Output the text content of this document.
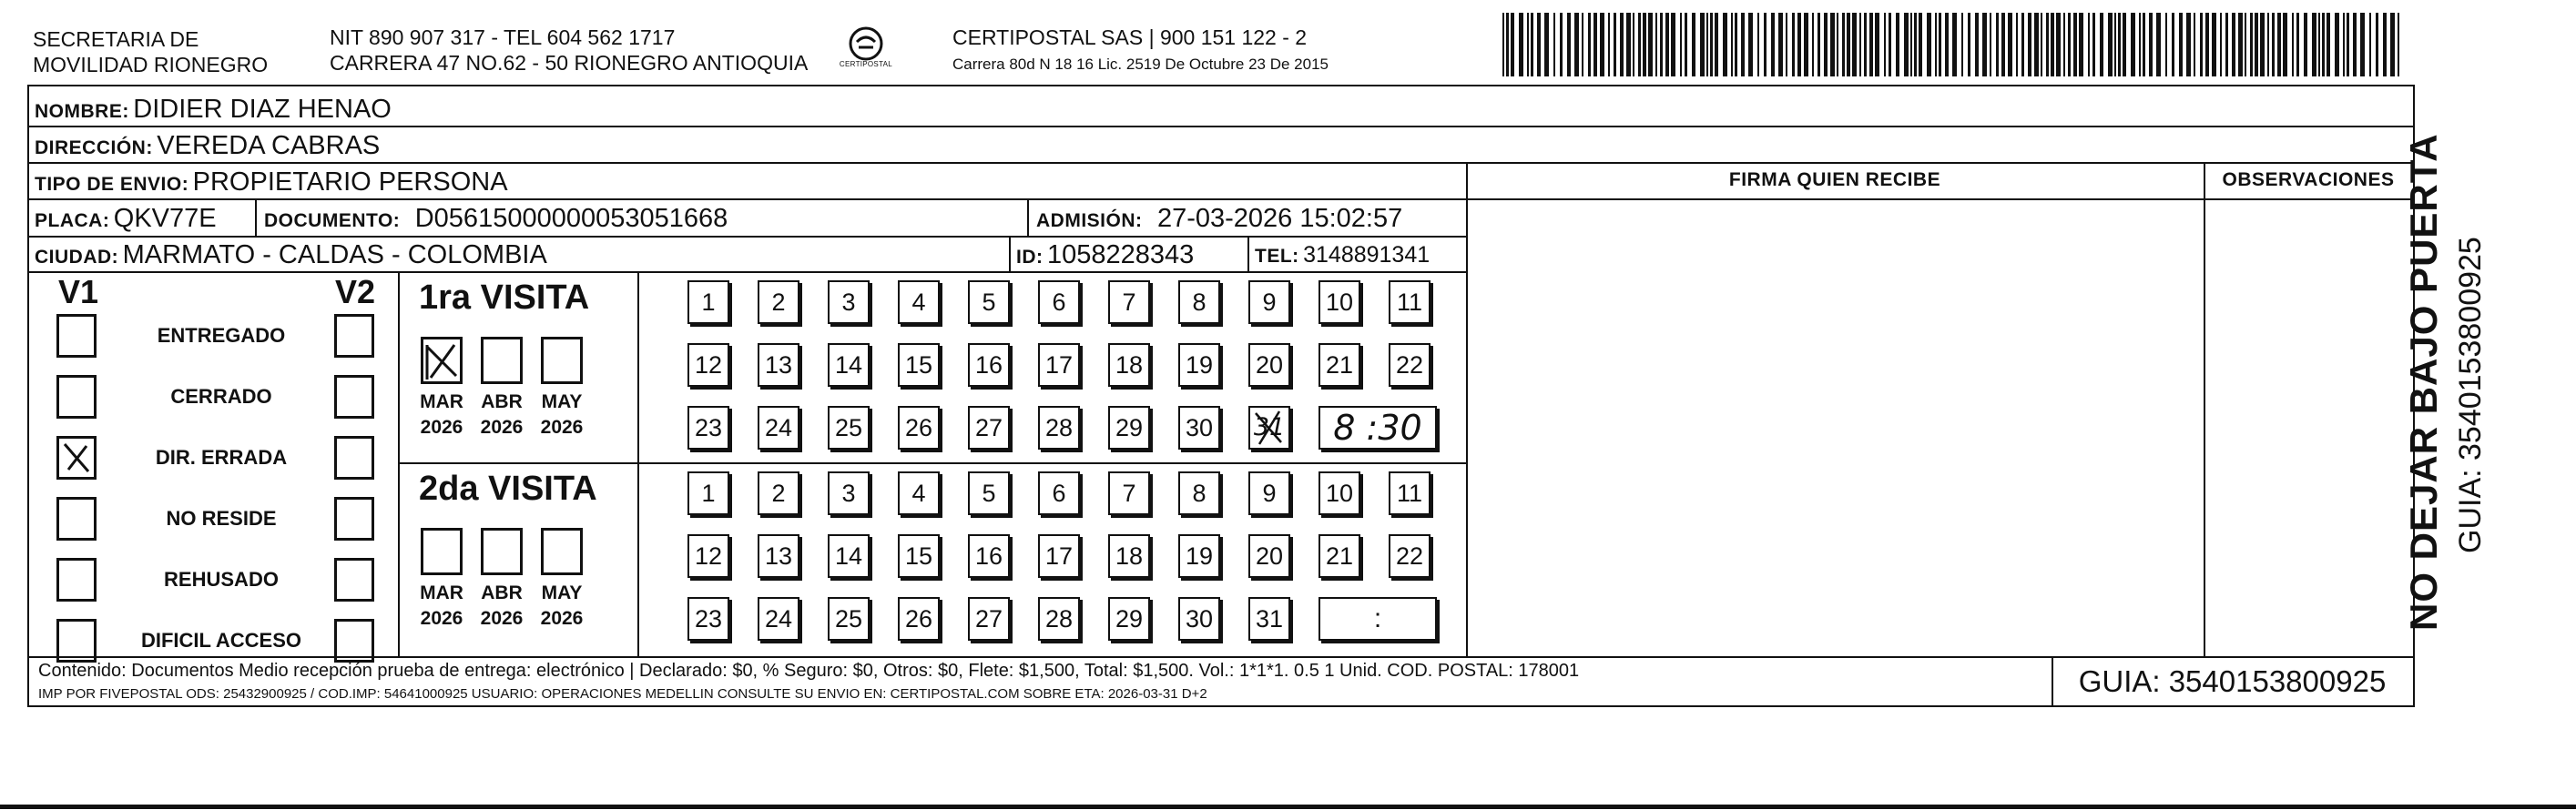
SECRETARIA DE
MOVILIDAD RIONEGRO
NIT 890 907 317 - TEL 604 562 1717
CARRERA 47 NO.62 - 50 RIONEGRO ANTIOQUIA	CERTIPOSTAL
CERTIPOSTAL SAS | 900 151 122 - 2
Carrera 80d N 18 16 Lic. 2519 De Octubre 23 De 2015
NOMBRE: DIDIER DIAZ HENAO
DIRECCIÓN: VEREDA CABRAS
TIPO DE ENVIO: PROPIETARIO PERSONA
PLACA: QKV77E DOCUMENTO: D05615000000053051668	ADMISIÓN: 27-03-2026 15:02:57
CIUDAD: MARMATO - CALDAS - COLOMBIA	ID: 1058228343	TEL: 3148891341
FIRMA QUIEN RECIBE	OBSERVACIONES
V1	V2
ENTREGADO
CERRADO
DIR. ERRADA
NO RESIDE
REHUSADO
DIFICIL ACCESO
1ra VISITA
MAR
2026
ABR
2026
MAY
2026
1	2	3	4	5	6	7	8	9	10	11
12 13 14 15 16 17 18 19 20 21 22
23 24 25 26 27 28 29 30 31	8 :30
2da VISITA
MAR
2026
ABR
2026
MAY
2026
1	2	3	4	5	6	7	8	9	10	11
12 13 14 15 16 17 18 19 20 21 22
23 24 25 26 27 28 29 30 31	:
Contenido: Documentos Medio recepción prueba de entrega: electrónico | Declarado: $0, % Seguro: $0, Otros: $0, Flete: $1,500, Total: $1,500. Vol.: 1*1*1. 0.5 1 Unid. COD. POSTAL: 178001
IMP POR FIVEPOSTAL ODS: 25432900925 / COD.IMP: 54641000925 USUARIO: OPERACIONES MEDELLIN CONSULTE SU ENVIO EN: CERTIPOSTAL.COM SOBRE ETA: 2026-03-31 D+2	GUIA: 3540153800925
NO DEJAR BAJO PUERTA GUIA: 3540153800925
